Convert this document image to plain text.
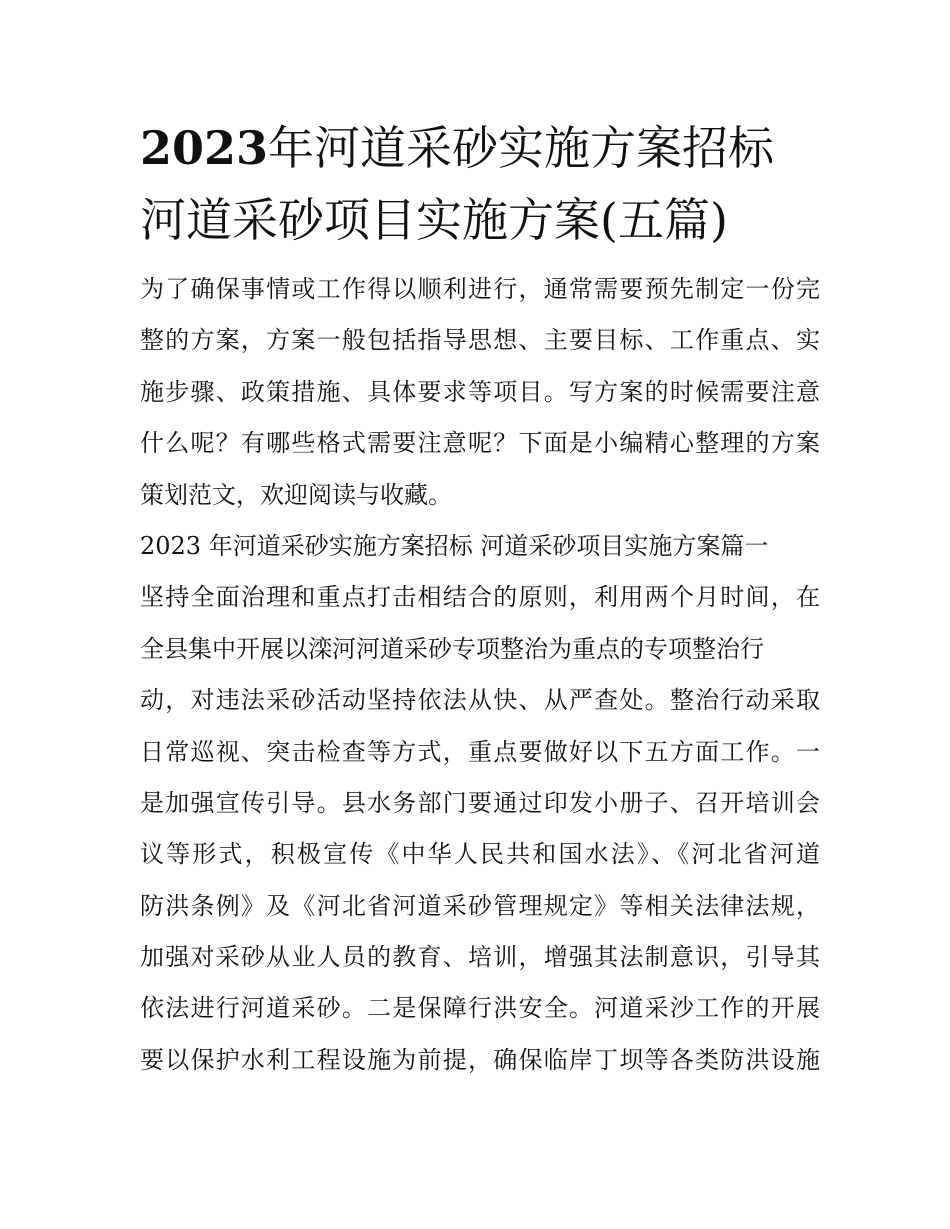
2023年河道采砂实施方案招标
河道采砂项目实施方案(五篇)
为了确保事情或工作得以顺利进行，通常需要预先制定一份完
整的方案，方案一般包括指导思想、主要目标、工作重点、实
施步骤、政策措施、具体要求等项目。写方案的时候需要注意
什么呢？有哪些格式需要注意呢？下面是小编精心整理的方案
策划范文，欢迎阅读与收藏。
2023 年河道采砂实施方案招标 河道采砂项目实施方案篇一
坚持全面治理和重点打击相结合的原则，利用两个月时间，在
全县集中开展以滦河河道采砂专项整治为重点的专项整治行
动，对违法采砂活动坚持依法从快、从严查处。整治行动采取
日常巡视、突击检查等方式，重点要做好以下五方面工作。一
是加强宣传引导。县水务部门要通过印发小册子、召开培训会
议等形式，积极宣传《中华人民共和国水法》、《河北省河道
防洪条例》及《河北省河道采砂管理规定》等相关法律法规，
加强对采砂从业人员的教育、培训，增强其法制意识，引导其
依法进行河道采砂。二是保障行洪安全。河道采沙工作的开展
要以保护水利工程设施为前提，确保临岸丁坝等各类防洪设施
